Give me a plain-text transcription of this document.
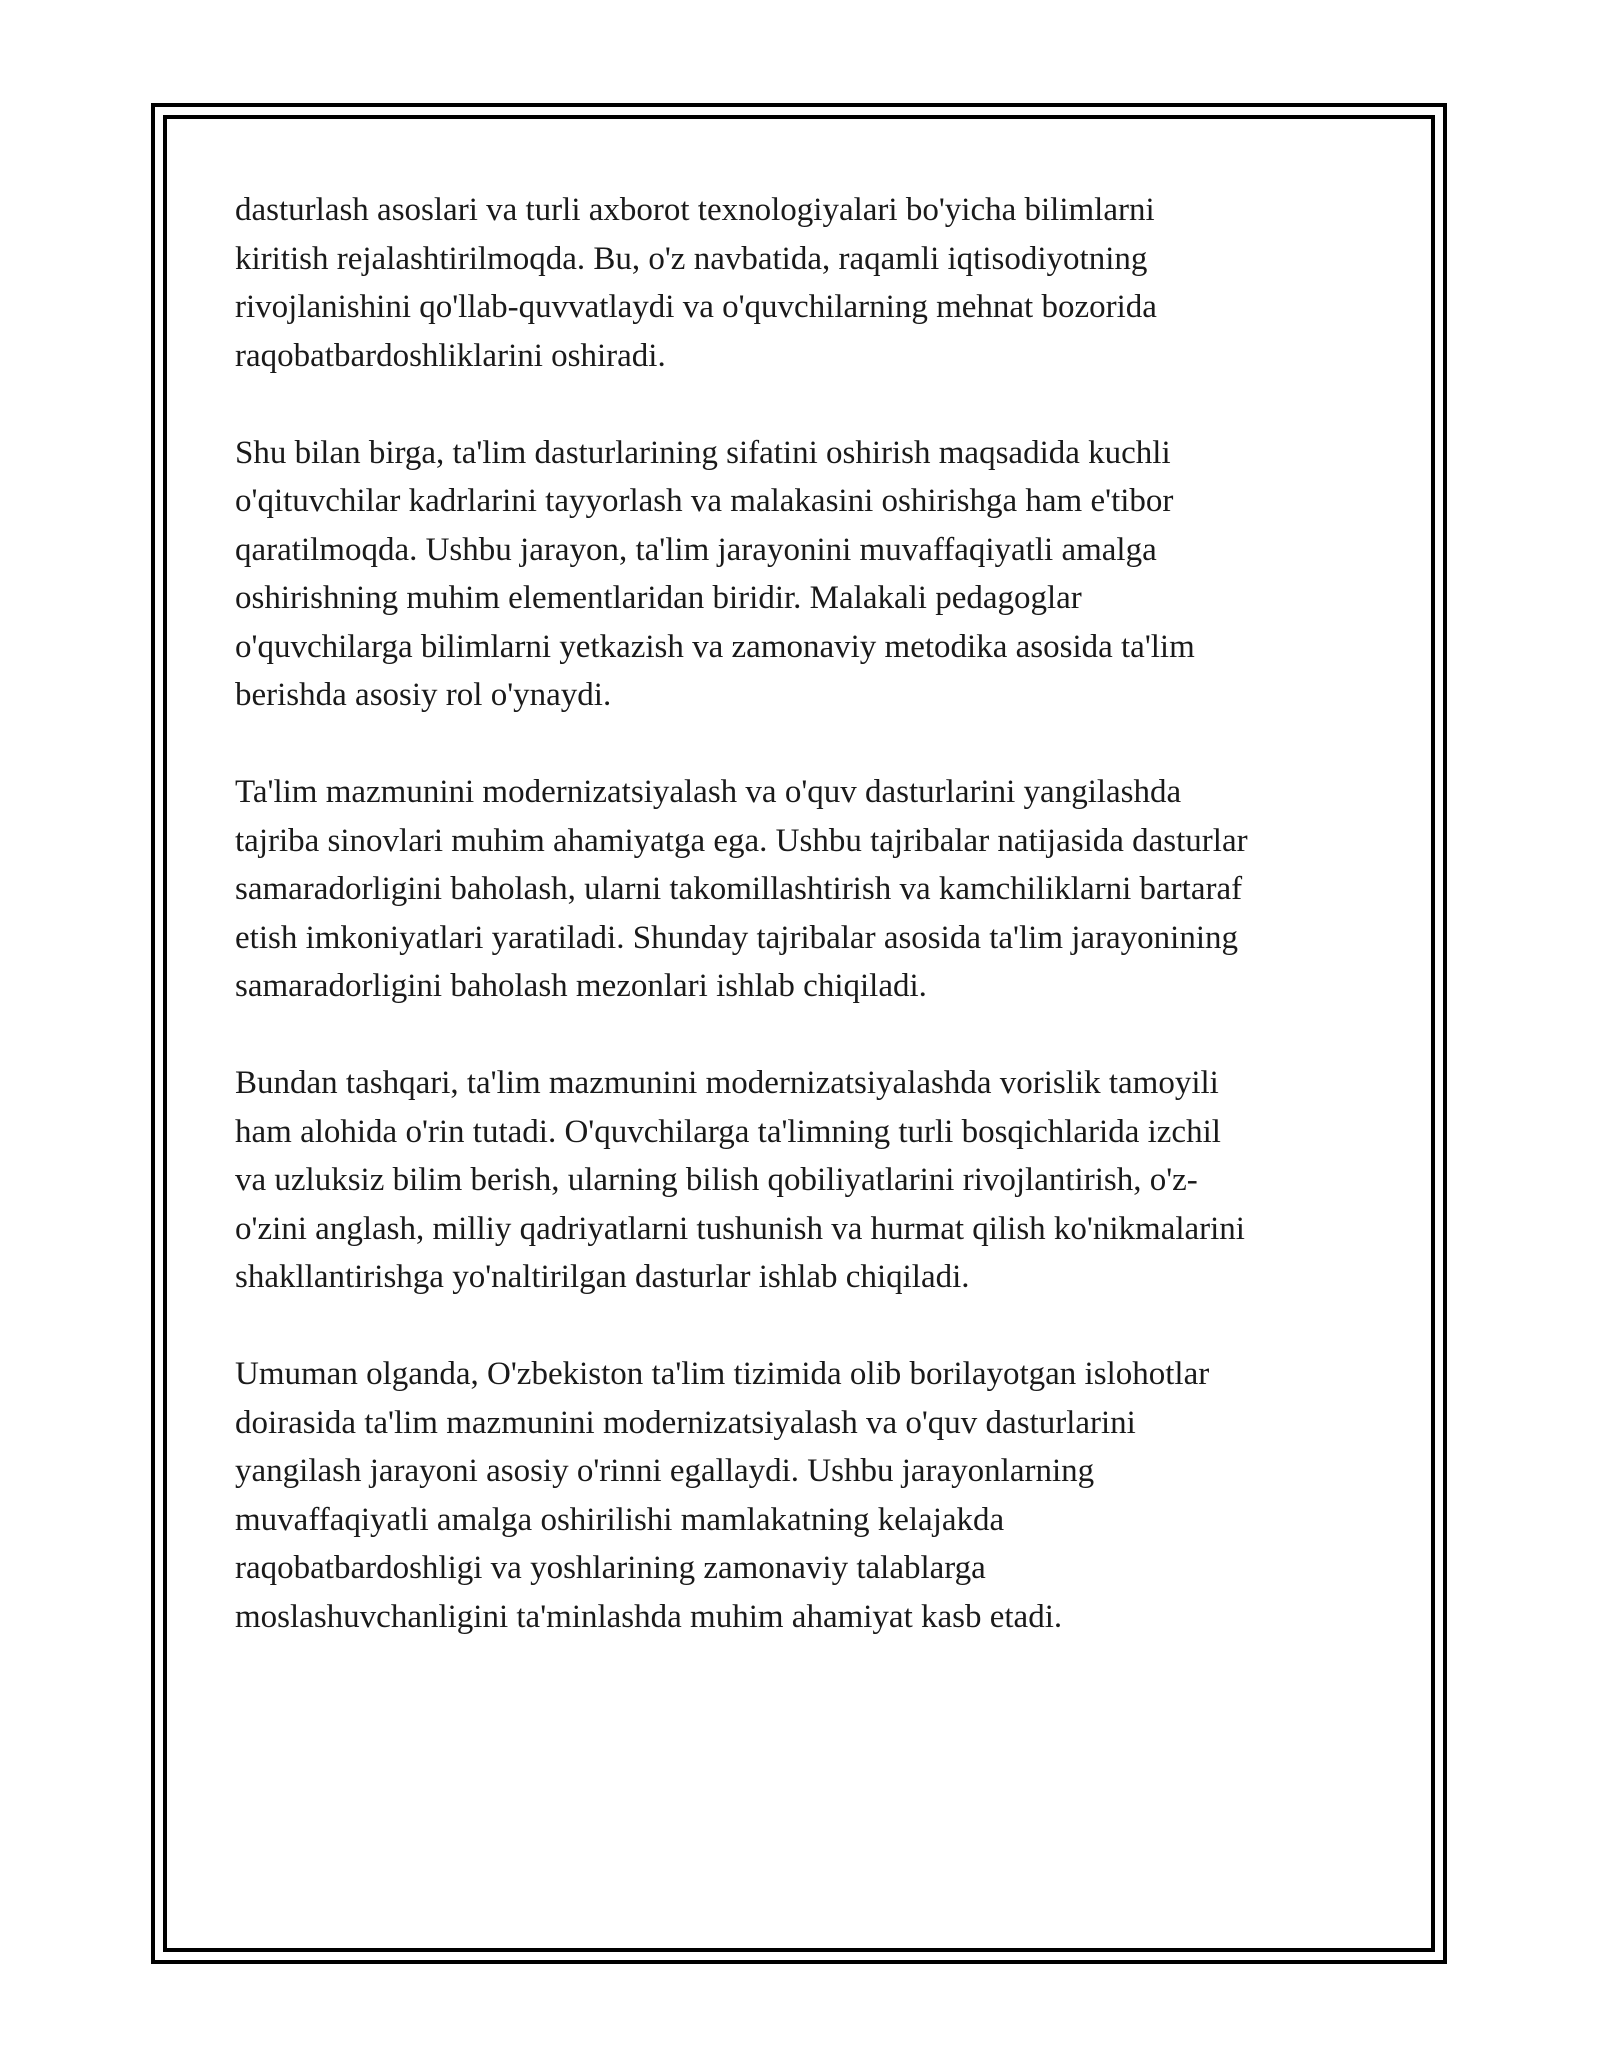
dasturlash asoslari va turli axborot texnologiyalari bo'yicha bilimlarni
kiritish rejalashtirilmoqda. Bu, o'z navbatida, raqamli iqtisodiyotning
rivojlanishini qo'llab-quvvatlaydi va o'quvchilarning mehnat bozorida
raqobatbardoshliklarini oshiradi.

Shu bilan birga, ta'lim dasturlarining sifatini oshirish maqsadida kuchli
o'qituvchilar kadrlarini tayyorlash va malakasini oshirishga ham e'tibor
qaratilmoqda. Ushbu jarayon, ta'lim jarayonini muvaffaqiyatli amalga
oshirishning muhim elementlaridan biridir. Malakali pedagoglar
o'quvchilarga bilimlarni yetkazish va zamonaviy metodika asosida ta'lim
berishda asosiy rol o'ynaydi.

Ta'lim mazmunini modernizatsiyalash va o'quv dasturlarini yangilashda
tajriba sinovlari muhim ahamiyatga ega. Ushbu tajribalar natijasida dasturlar
samaradorligini baholash, ularni takomillashtirish va kamchiliklarni bartaraf
etish imkoniyatlari yaratiladi. Shunday tajribalar asosida ta'lim jarayonining
samaradorligini baholash mezonlari ishlab chiqiladi.

Bundan tashqari, ta'lim mazmunini modernizatsiyalashda vorislik tamoyili
ham alohida o'rin tutadi. O'quvchilarga ta'limning turli bosqichlarida izchil
va uzluksiz bilim berish, ularning bilish qobiliyatlarini rivojlantirish, o'z-
o'zini anglash, milliy qadriyatlarni tushunish va hurmat qilish ko'nikmalarini
shakllantirishga yo'naltirilgan dasturlar ishlab chiqiladi.

Umuman olganda, O'zbekiston ta'lim tizimida olib borilayotgan islohotlar
doirasida ta'lim mazmunini modernizatsiyalash va o'quv dasturlarini
yangilash jarayoni asosiy o'rinni egallaydi. Ushbu jarayonlarning
muvaffaqiyatli amalga oshirilishi mamlakatning kelajakda
raqobatbardoshligi va yoshlarining zamonaviy talablarga
moslashuvchanligini ta'minlashda muhim ahamiyat kasb etadi.
